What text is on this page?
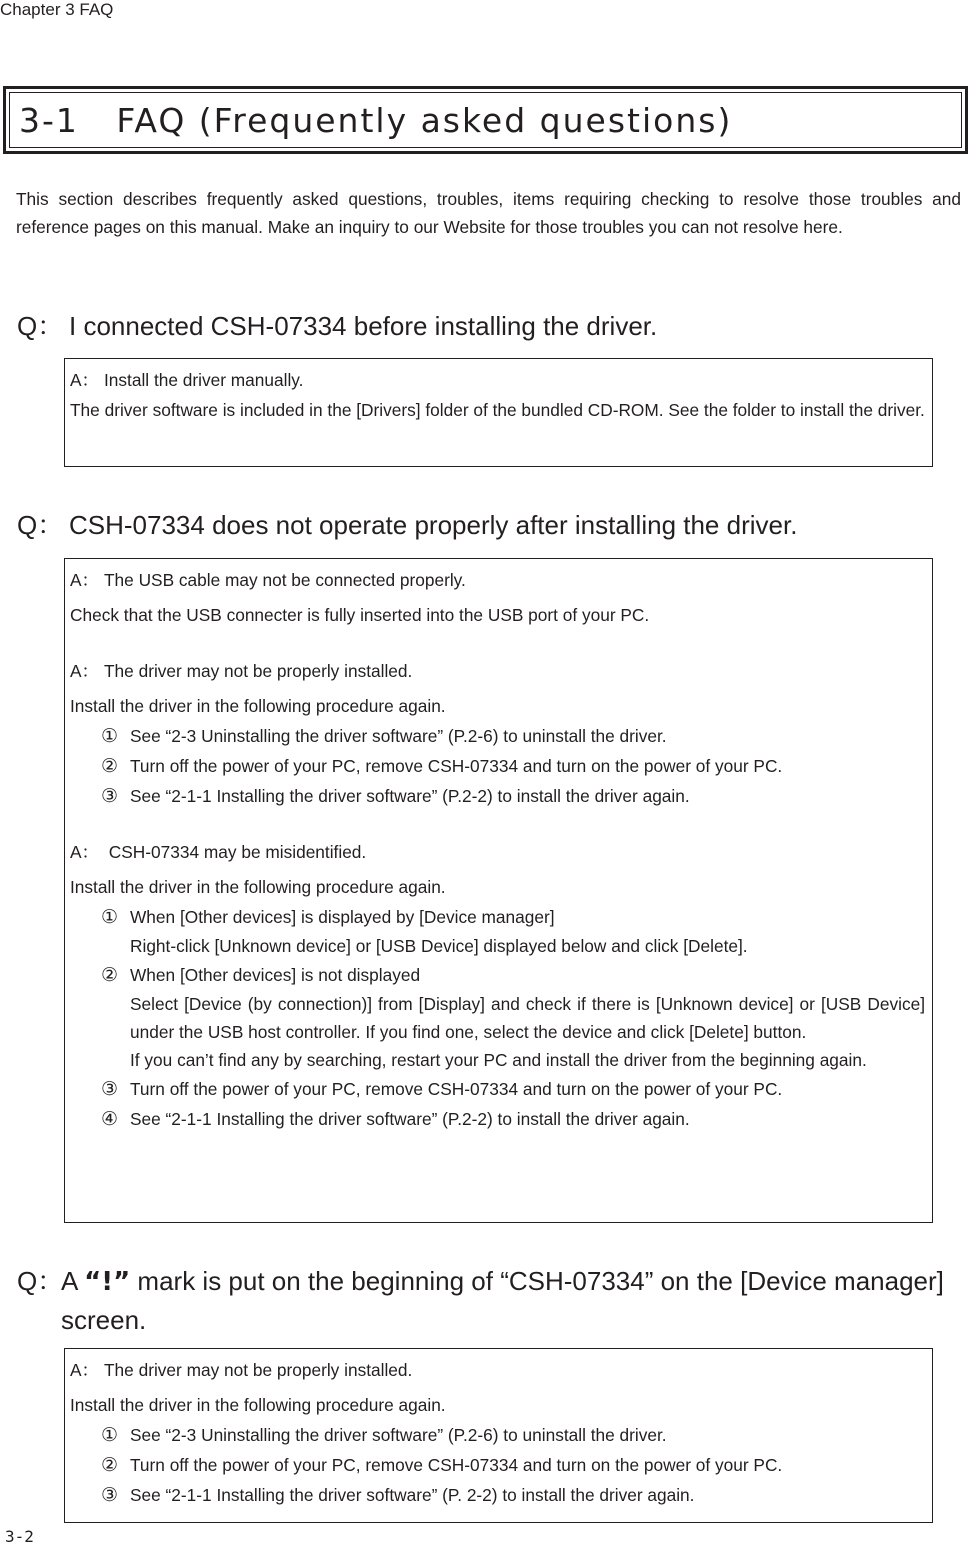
Chapter 3 FAQ
3-1   FAQ (Frequently asked questions)
This section describes frequently asked questions, troubles, items requiring checking to resolve those troubles and reference pages on this manual. Make an inquiry to our Website for those troubles you can not resolve here.
Q： I connected CSH-07334 before installing the driver.

A： Install the driver manually.

The driver software is included in the [Drivers] folder of the bundled CD-ROM. See the folder to install the driver.

Q： CSH-07334 does not operate properly after installing the driver.

A： The USB cable may not be connected properly.

Check that the USB connecter is fully inserted into the USB port of your PC.

A： The driver may not be properly installed.

Install the driver in the following procedure again.

① See “2-3 Uninstalling the driver software” (P.2-6) to uninstall the driver.

② Turn off the power of your PC, remove CSH-07334 and turn on the power of your PC.

③ See “2-1-1 Installing the driver software” (P.2-2) to install the driver again.

A： CSH-07334 may be misidentified.

Install the driver in the following procedure again.

① When [Other devices] is displayed by [Device manager]

Right-click [Unknown device] or [USB Device] displayed below and click [Delete].

② When [Other devices] is not displayed

Select [Device (by connection)] from [Display] and check if there is [Unknown device] or [USB Device] under the USB host controller. If you find one, select the device and click [Delete] button.

If you can’t find any by searching, restart your PC and install the driver from the beginning again.

③ Turn off the power of your PC, remove CSH-07334 and turn on the power of your PC.

④ See “2-1-1 Installing the driver software” (P.2-2) to install the driver again.

Q：A “!” mark is put on the beginning of “CSH-07334” on the [Device manager] screen.

A： The driver may not be properly installed.

Install the driver in the following procedure again.

① See “2-3 Uninstalling the driver software” (P.2-6) to uninstall the driver.

② Turn off the power of your PC, remove CSH-07334 and turn on the power of your PC.

③ See “2-1-1 Installing the driver software” (P. 2-2) to install the driver again.

3-2
